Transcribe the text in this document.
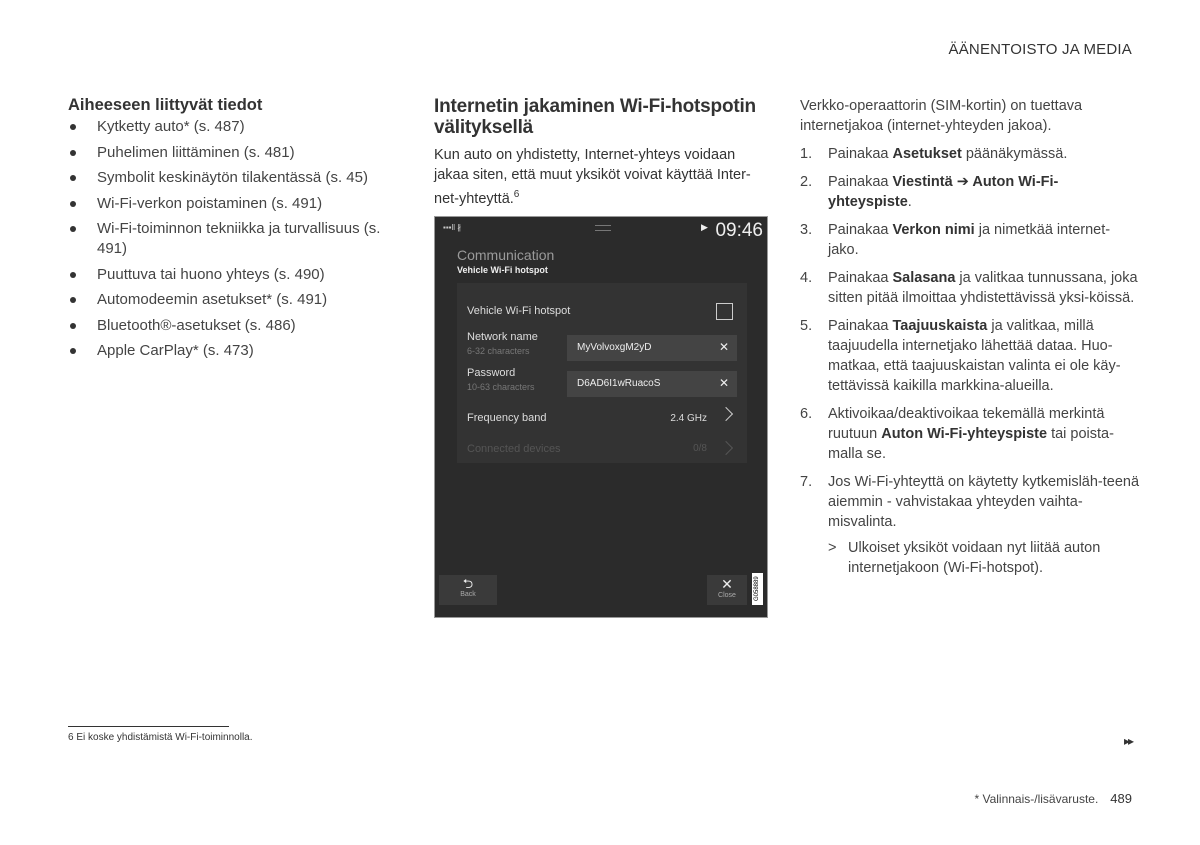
ÄÄNENTOISTO JA MEDIA
Aiheeseen liittyvät tiedot
Kytketty auto* (s. 487)
Puhelimen liittäminen (s. 481)
Symbolit keskinäytön tilakentässä (s. 45)
Wi-Fi-verkon poistaminen (s. 491)
Wi-Fi-toiminnon tekniikka ja turvallisuus (s. 491)
Puuttuva tai huono yhteys (s. 490)
Automodeemin asetukset* (s. 491)
Bluetooth®-asetukset (s. 486)
Apple CarPlay* (s. 473)
Internetin jakaminen Wi-Fi-hotspotin välityksellä

Kun auto on yhdistetty, Internet-yhteys voidaan jakaa siten, että muut yksiköt voivat käyttää Inter-net-yhteyttä.$^6$

▪▪▪ll ∦	▶ 09:46
Communication
Vehicle Wi-Fi hotspot
Vehicle Wi-Fi hotspot
Network name
6-32 characters	MyVolvoxgM2yD	✕
Password
10-63 characters	D6AD6I1wRuacoS	✕
Frequency band	2.4 GHz
Connected devices	0/8
⮌
Back
✕
Close	G058889
Verkko-operaattorin (SIM-kortin) on tuettava internetjakoa (internet-yhteyden jakoa).
1. Painakaa Asetukset päänäkymässä.
2. Painakaa Viestintä ➔ Auton Wi-Fi-yhteyspiste.
3. Painakaa Verkon nimi ja nimetkää internet-jako.
4. Painakaa Salasana ja valitkaa tunnussana, joka sitten pitää ilmoittaa yhdistettävissä yksi-köissä.
5. Painakaa Taajuuskaista ja valitkaa, millä taajuudella internetjako lähettää dataa. Huo-matkaa, että taajuuskaistan valinta ei ole käy-tettävissä kaikilla markkina-alueilla.
6. Aktivoikaa/deaktivoikaa tekemällä merkintä ruutuun Auton Wi-Fi-yhteyspiste tai poista-malla se.
7. Jos Wi-Fi-yhteyttä on käytetty kytkemisläh-teenä aiemmin - vahvistakaa yhteyden vaihta-misvalinta.
> Ulkoiset yksiköt voidaan nyt liitää auton internetjakoon (Wi-Fi-hotspot).
6 Ei koske yhdistämistä Wi-Fi-toiminnolla.	▸▸
* Valinnais-/lisävaruste. 489
